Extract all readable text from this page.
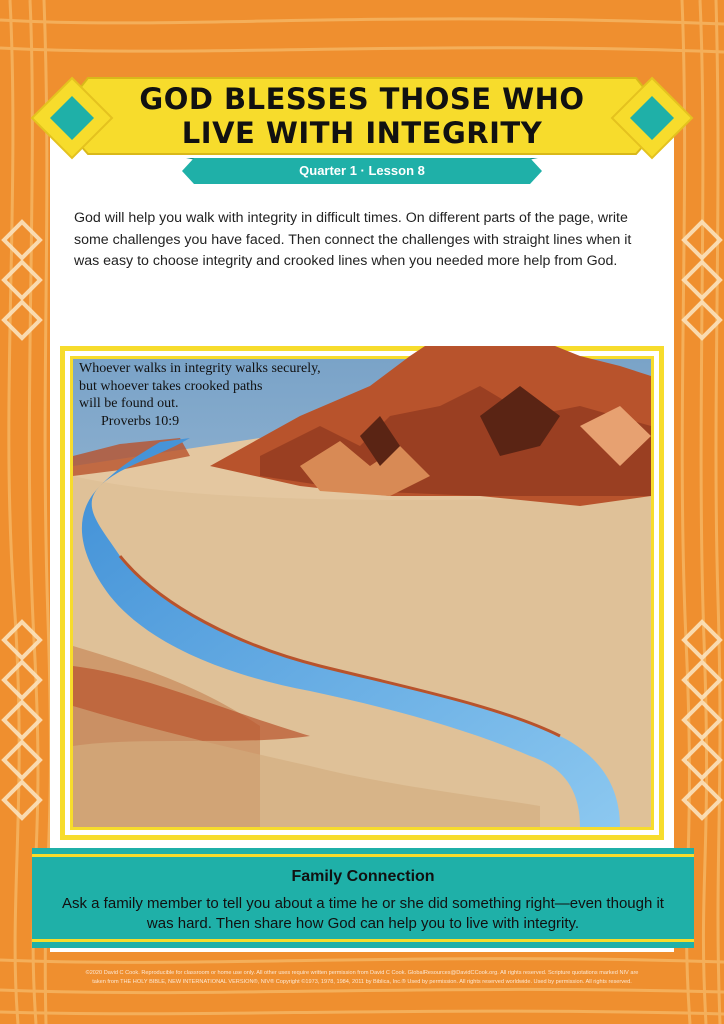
GOD BLESSES THOSE WHO
LIVE WITH INTEGRITY
Quarter 1 · Lesson 8
God will help you walk with integrity in difficult times. On different parts of the page, write some challenges you have faced. Then connect the challenges with straight lines when it was easy to choose integrity and crooked lines when you needed more help from God.
Whoever walks in integrity walks securely,
but whoever takes crooked paths
will be found out.
Proverbs 10:9
Family Connection
Ask a family member to tell you about a time he or she did something right—even though it was hard. Then share how God can help you to live with integrity.
©2020 David C Cook. Reproducible for classroom or home use only. All other uses require written permission from David C Cook. GlobalResources@DavidCCook.org. All rights reserved. Scripture quotations marked NIV are
taken from THE HOLY BIBLE, NEW INTERNATIONAL VERSION®, NIV® Copyright ©1973, 1978, 1984, 2011 by Biblica, Inc.® Used by permission. All rights reserved worldwide. Used by permission. All rights reserved.
